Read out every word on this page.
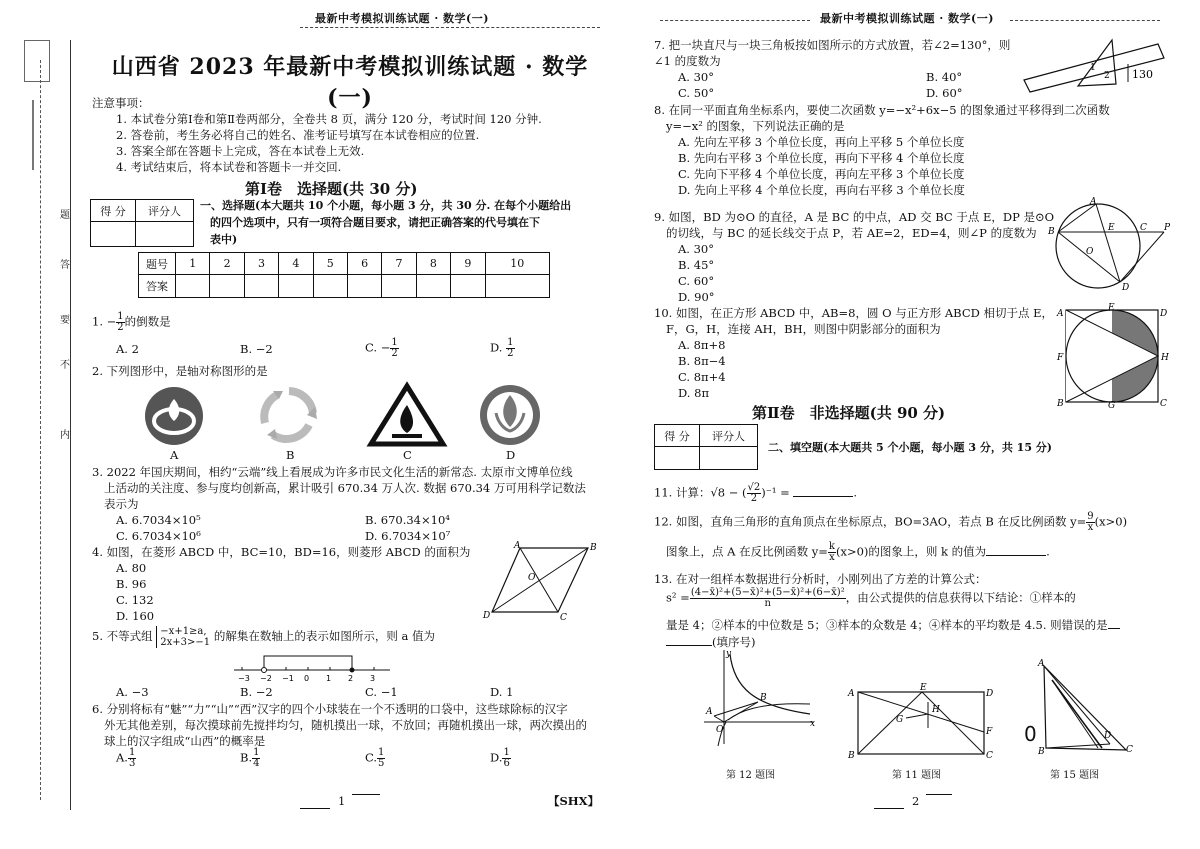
题
答
要
不
内
最新中考模拟训练试题 · 数学(一)
山西省 2023 年最新中考模拟训练试题 · 数学(一)
注意事项：
1. 本试卷分第Ⅰ卷和第Ⅱ卷两部分，全卷共 8 页，满分 120 分，考试时间 120 分钟.
2. 答卷前，考生务必将自己的姓名、准考证号填写在本试卷相应的位置.
3. 答案全部在答题卡上完成，答在本试卷上无效.
4. 考试结束后，将本试卷和答题卡一并交回.
第Ⅰ卷　选择题(共 30 分)
得 分	评分人
	一、选择题(本大题共 10 个小题，每小题 3 分，共 30 分. 在每个小题给出
的四个选项中，只有一项符合题目要求，请把正确答案的代号填在下
表中)
题号	1	2	3	4	5	6	7	8	9	10
答案										
1. − $\frac{1}{2}$ 的倒数是
A. 2	B. −2	C. − $\frac{1}{2}$	D. $\frac{1}{2}$
2. 下列图形中，是轴对称图形的是
A	B	C	D
3. 2022 年国庆期间，相约“云端”线上看展成为许多市民文化生活的新常态. 太原市文博单位线
上活动的关注度、参与度均创新高，累计吸引 670.34 万人次. 数据 670.34 万可用科学记数法
表示为
A. 6.7034×10⁵	B. 670.34×10⁴
C. 6.7034×10⁶	D. 6.7034×10⁷
4. 如图，在菱形 ABCD 中，BC=10，BD=16，则菱形 ABCD 的面积为
A. 80
B. 96
C. 132
D. 160
A	B
C
D
O
5. 不等式组 −x+1≥a,
2x+3>−1 的解集在数轴上的表示如图所示，则 a 值为
−3 −2 −1 0 1 2 3
A. −3	B. −2	C. −1	D. 1
6. 分别将标有“魅”“力”“山”“西”汉字的四个小球装在一个不透明的口袋中，这些球除标的汉字
外无其他差别，每次摸球前先搅拌均匀，随机摸出一球，不放回；再随机摸出一球，两次摸出的
球上的汉字组成“山西”的概率是
A. $\frac{1}{3}$	B. $\frac{1}{4}$	C. $\frac{1}{5}$	D. $\frac{1}{6}$
1	【SHX】
最新中考模拟训练试题 · 数学(一)
7. 把一块直尺与一块三角板按如图所示的方式放置，若∠2=130°，则
∠1 的度数为
A. 30°	B. 40°
C. 50°	D. 60°
1
2 130
8. 在同一平面直角坐标系内，要使二次函数 y=−x²+6x−5 的图象通过平移得到二次函数
y=−x² 的图象，下列说法正确的是
A. 先向左平移 3 个单位长度，再向上平移 5 个单位长度
B. 先向右平移 3 个单位长度，再向下平移 4 个单位长度
C. 先向下平移 4 个单位长度，再向左平移 3 个单位长度
D. 先向上平移 4 个单位长度，再向右平移 3 个单位长度
9. 如图，BD 为⊙O 的直径，A 是 BC 的中点，AD 交 BC 于点 E，DP 是⊙O
的切线，与 BC 的延长线交于点 P，若 AE=2，ED=4，则∠P 的度数为
A. 30°
B. 45°
C. 60°
D. 90°
A
B	E	C P
O
D
10. 如图，在正方形 ABCD 中，AB=8，圆 O 与正方形 ABCD 相切于点 E，
F，G，H，连接 AH，BH，则图中阴影部分的面积为
A. 8π+8
B. 8π−4
C. 8π+4
D. 8π
A
E
D
F	H
B	G	C
第Ⅱ卷　非选择题(共 90 分)
得 分	评分人

二、填空题(本大题共 5 个小题，每小题 3 分，共 15 分)
11. 计算：√8 − ( $\frac{√2}{2} )^{-1}$ =	.
12. 如图，直角三角形的直角顶点在坐标原点，BO=3AO，若点 B 在反比例函数 $y= \frac{9}{x} (x>0)$
图象上，点 A 在反比例函数 $y= \frac{k}{x} (x>0)$的图象上，则 k 的值为	.
13. 在对一组样本数据进行分析时，小刚列出了方差的计算公式：
$s^2 = \frac{\text{(4−x̄)²+(5−x̄)²+(5−x̄)²+(6−x̄)²}}{n}$ ，由公式提供的信息获得以下结论：①样本的
量是 4；②样本的中位数是 5；③样本的众数是 4；④样本的平均数是 4.5. 则错误的是
(填序号)
y
B
A
O
x
A
E
D
G
H
B
F
C
0
A
D
B	C
第 12 题图	第 11 题图	第 15 题图
2
